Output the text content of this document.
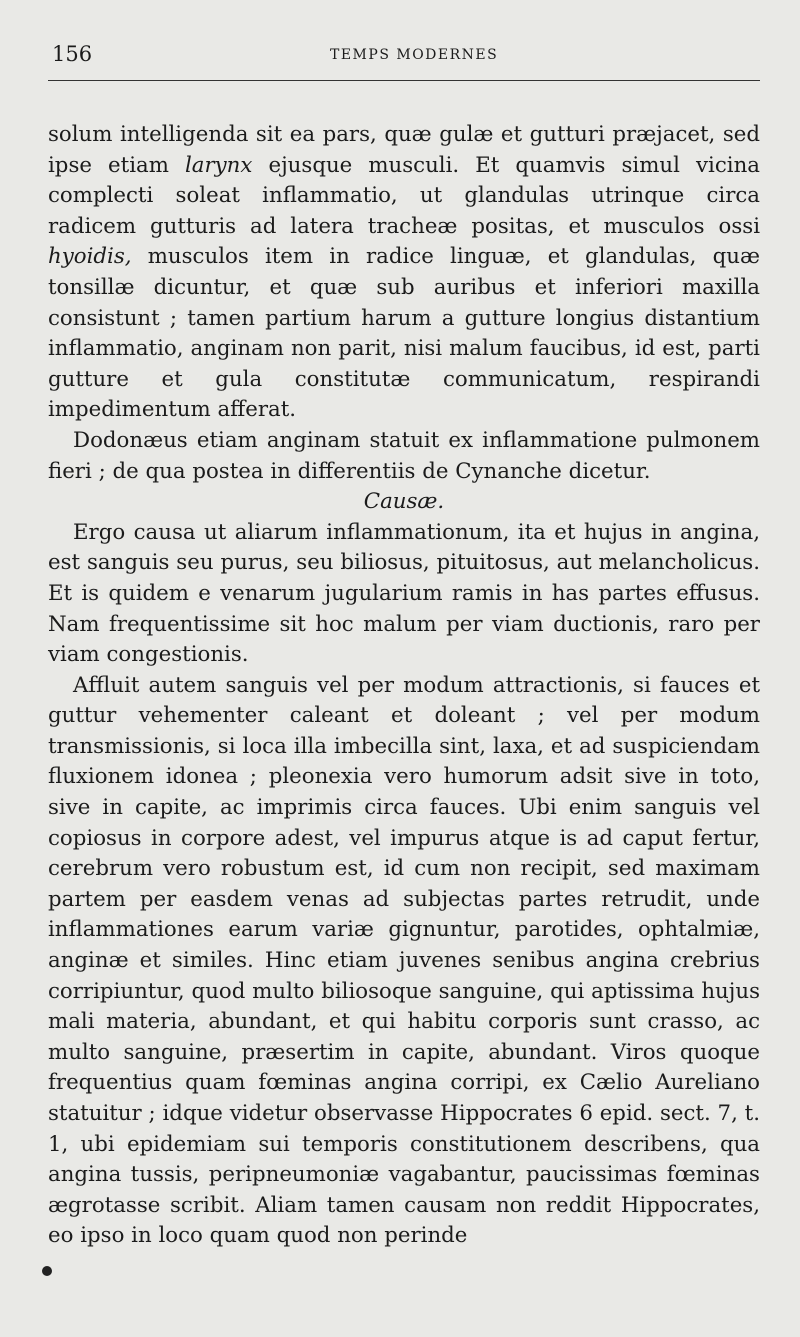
156	TEMPS MODERNES

solum intelligenda sit ea pars, quæ gulæ et gutturi præjacet, sed ipse etiam larynx ejusque musculi. Et quamvis simul vicina complecti soleat inflammatio, ut glandulas utrinque circa radicem gutturis ad latera tracheæ positas, et musculos ossi hyoidis, musculos item in radice linguæ, et glandulas, quæ tonsillæ dicuntur, et quæ sub auribus et inferiori maxilla consistunt ; tamen partium harum a gutture longius distantium inflammatio, anginam non parit, nisi malum faucibus, id est, parti gutture et gula constitutæ communicatum, respirandi impedimentum afferat.

Dodonæus etiam anginam statuit ex inflammatione pulmonem fieri ; de qua postea in differentiis de Cynanche dicetur.

Causæ.

Ergo causa ut aliarum inflammationum, ita et hujus in angina, est sanguis seu purus, seu biliosus, pituitosus, aut melancholicus. Et is quidem e venarum jugularium ramis in has partes effusus. Nam frequentissime sit hoc malum per viam ductionis, raro per viam congestionis.

Affluit autem sanguis vel per modum attractionis, si fauces et guttur vehementer caleant et doleant ; vel per modum transmissionis, si loca illa imbecilla sint, laxa, et ad suspiciendam fluxionem idonea ; pleonexia vero humorum adsit sive in toto, sive in capite, ac imprimis circa fauces. Ubi enim sanguis vel copiosus in corpore adest, vel impurus atque is ad caput fertur, cerebrum vero robustum est, id cum non recipit, sed maximam partem per easdem venas ad subjectas partes retrudit, unde inflammationes earum variæ gignuntur, parotides, ophtalmiæ, anginæ et similes. Hinc etiam juvenes senibus angina crebrius corripiuntur, quod multo biliosoque sanguine, qui aptissima hujus mali materia, abundant, et qui habitu corporis sunt crasso, ac multo sanguine, præsertim in capite, abundant. Viros quoque frequentius quam fœminas angina corripi, ex Cælio Aureliano statuitur ; idque videtur observasse Hippocrates 6 epid. sect. 7, t. 1, ubi epidemiam sui temporis constitutionem describens, qua angina tussis, peripneumoniæ vagabantur, paucissimas fœminas ægrotasse scribit. Aliam tamen causam non reddit Hippocrates, eo ipso in loco quam quod non perinde
